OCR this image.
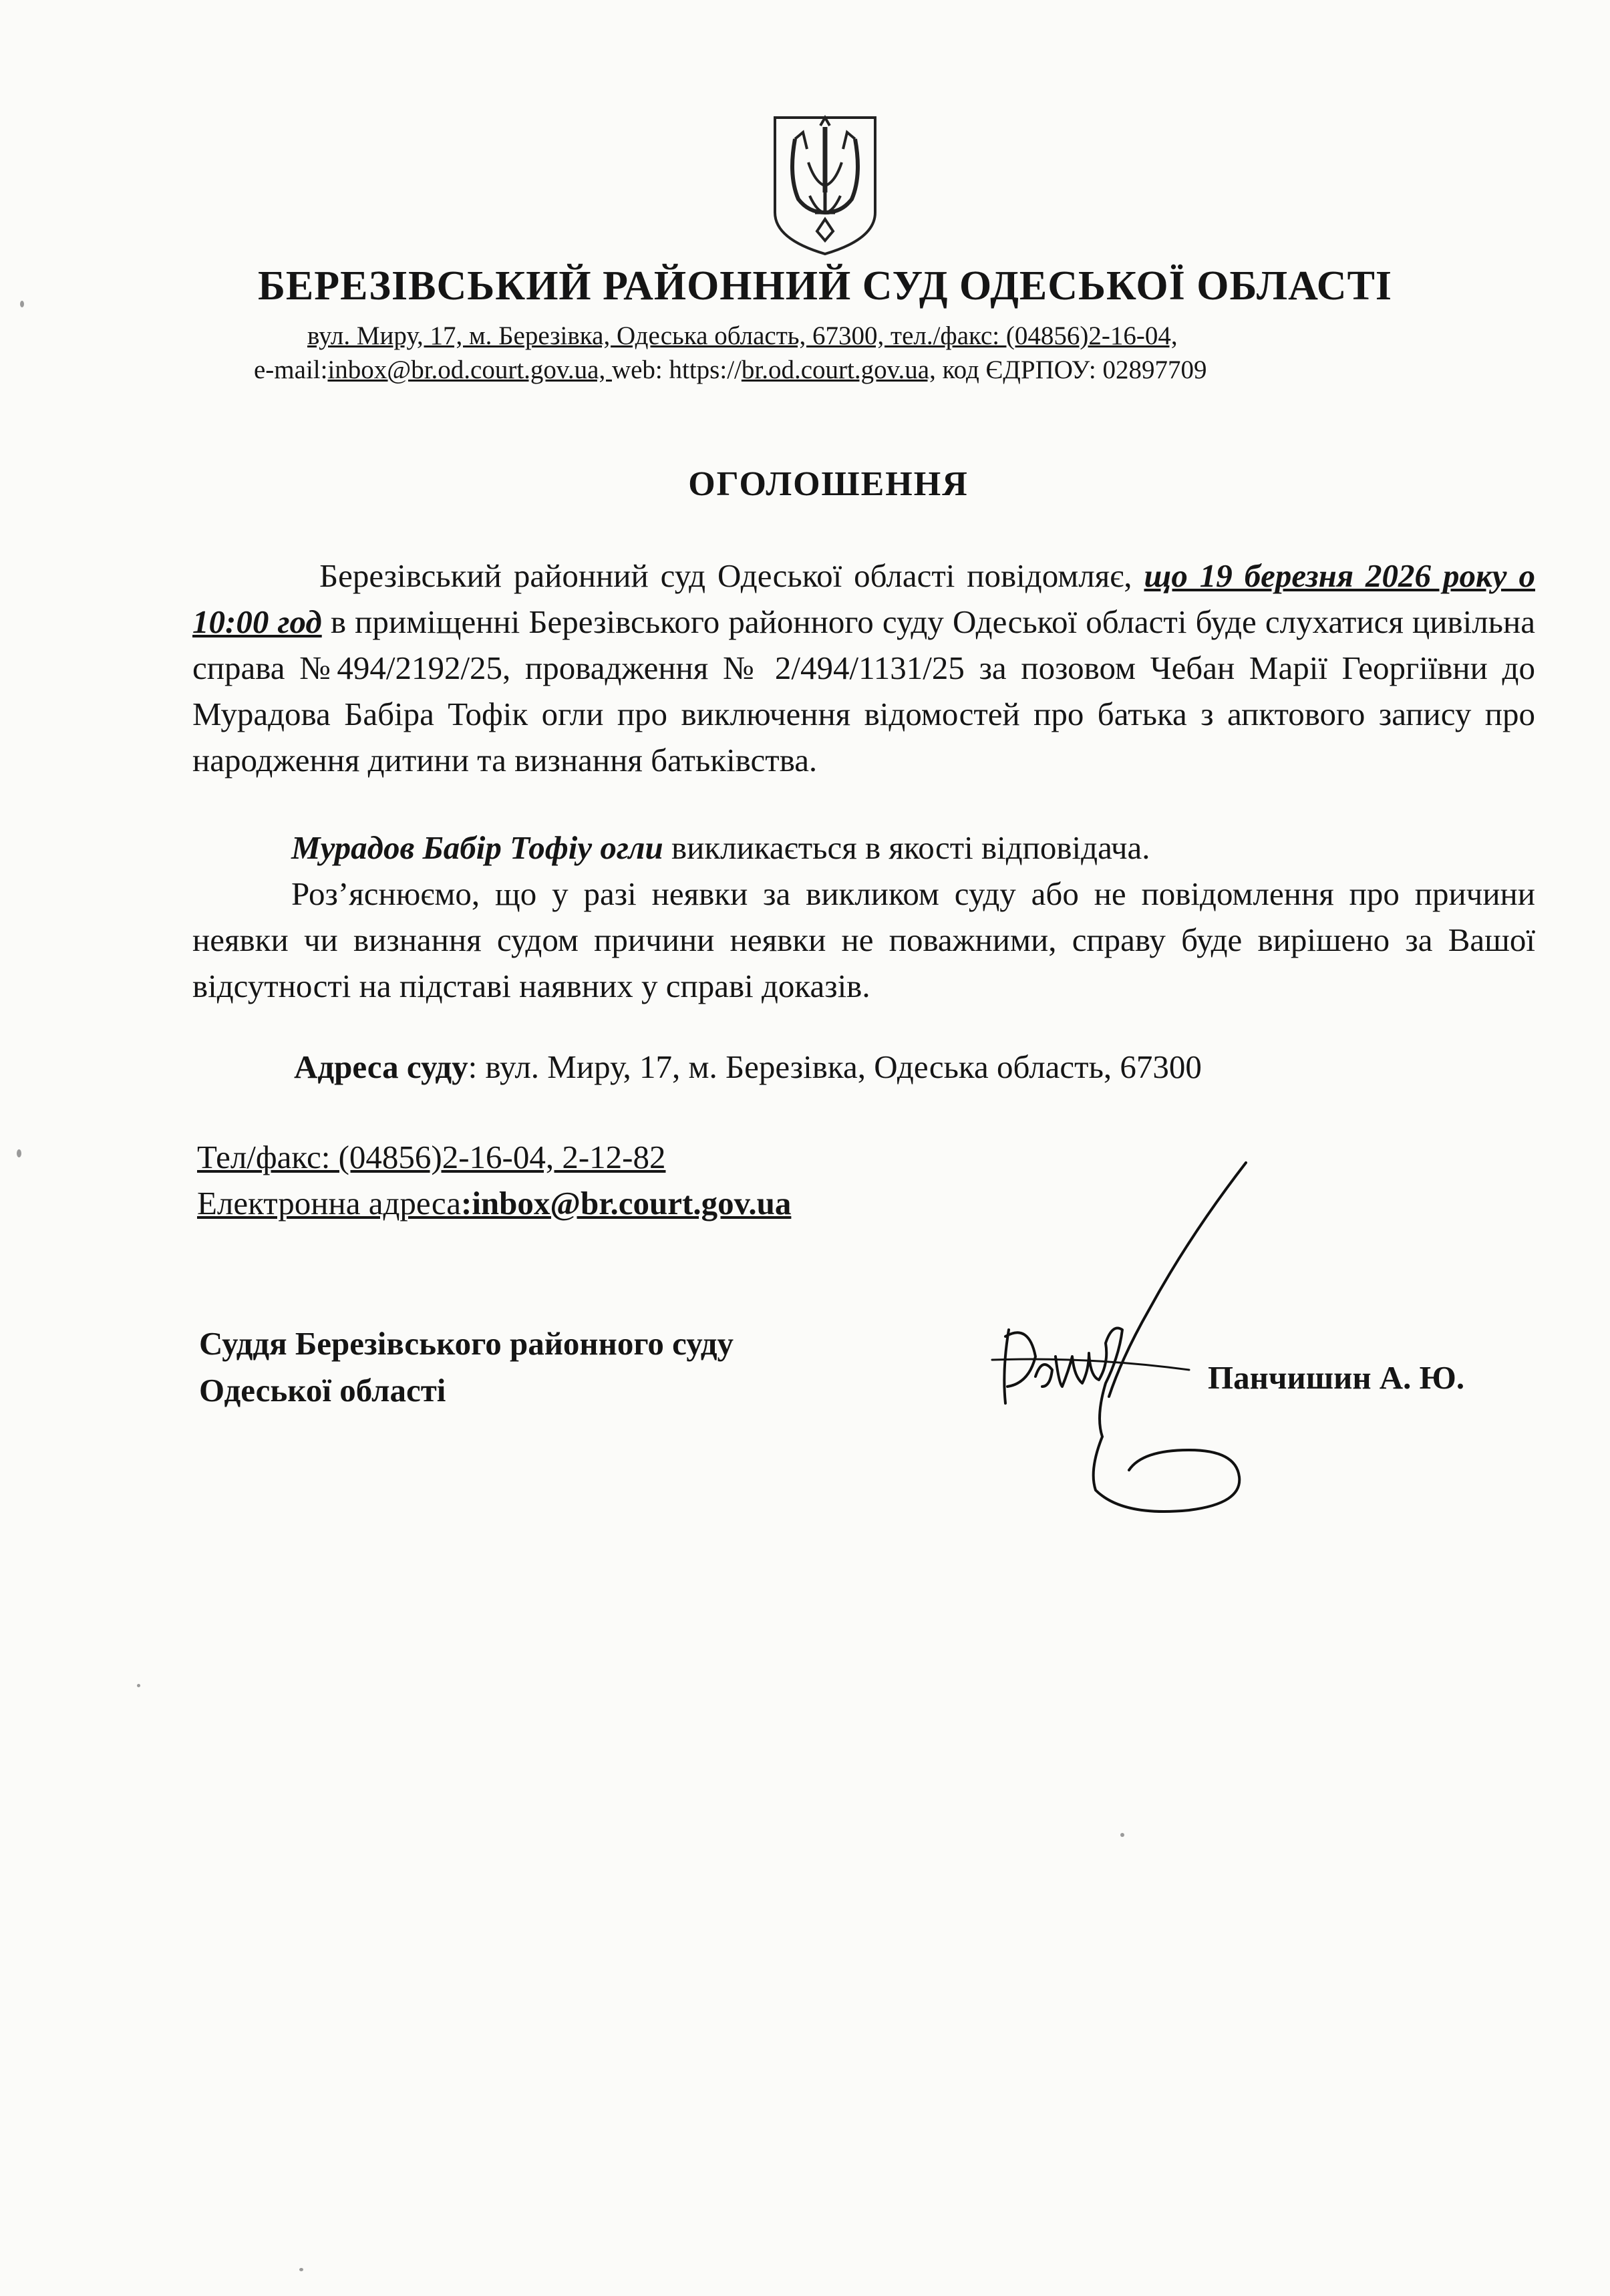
БЕРЕЗІВСЬКИЙ РАЙОННИЙ СУД ОДЕСЬКОЇ ОБЛАСТІ
вул. Миру, 17, м. Березівка, Одеська область, 67300, тел./факс: (04856)2-16-04,
e-mail:inbox@br.od.court.gov.ua, web: https://br.od.court.gov.ua, код ЄДРПОУ: 02897709
ОГОЛОШЕННЯ
Березівський районний суд Одеської області повідомляє, що 19 березня 2026 року о 10:00 год в приміщенні Березівського районного суду Одеської області буде слухатися цивільна справа №494/2192/25, провадження № 2/494/1131/25 за позовом Чебан Марії Георгіївни до Мурадова Бабіра Тофік огли про виключення відомостей про батька з апктового запису про народження дитини та визнання батьківства.
Мурадов Бабір Тофіу огли викликається в якості відповідача.
Роз’яснюємо, що у разі неявки за викликом суду або не повідомлення про причини неявки чи визнання судом причини неявки не поважними, справу буде вирішено за Вашої відсутності на підставі наявних у справі доказів.
Адреса суду: вул. Миру, 17, м. Березівка, Одеська область, 67300
Тел/факс: (04856)2-16-04, 2-12-82
Електронна адреса:inbox@br.court.gov.ua
Суддя Березівського районного суду
Одеської області	Панчишин А. Ю.
